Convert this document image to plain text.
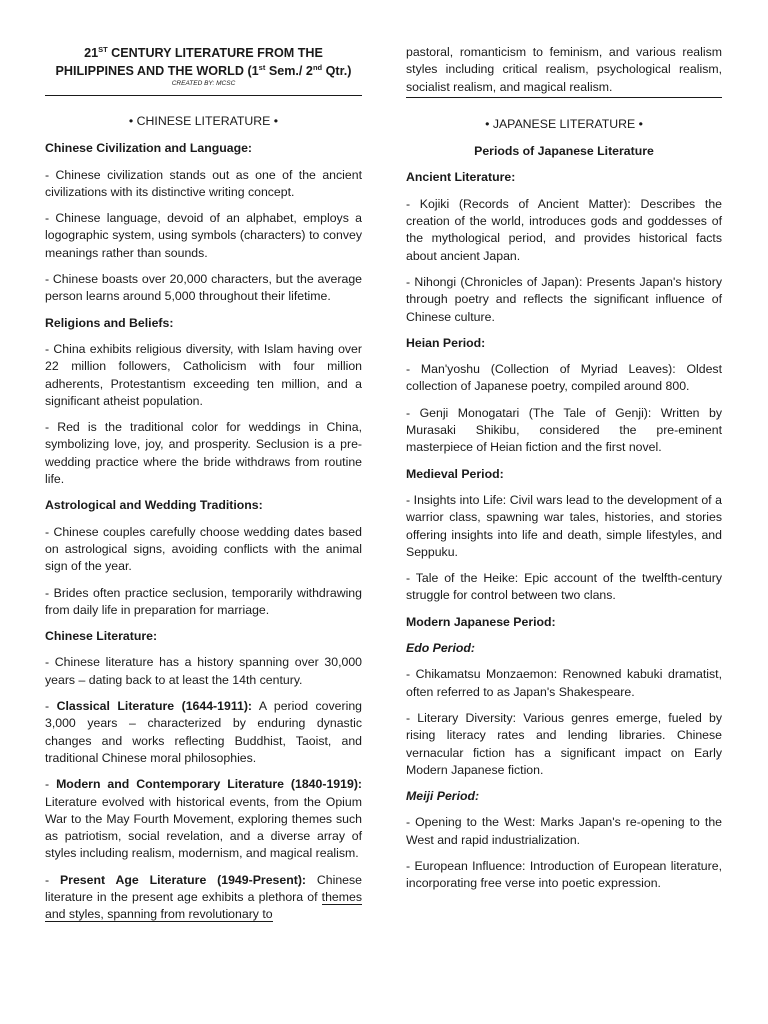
21ST CENTURY LITERATURE FROM THE
PHILIPPINES AND THE WORLD (1st Sem./ 2nd Qtr.)
CREATED BY: MCSC
• CHINESE LITERATURE •
Chinese Civilization and Language:

- Chinese civilization stands out as one of the ancient civilizations with its distinctive writing concept.

- Chinese language, devoid of an alphabet, employs a logographic system, using symbols (characters) to convey meanings rather than sounds.

- Chinese boasts over 20,000 characters, but the average person learns around 5,000 throughout their lifetime.

Religions and Beliefs:

- China exhibits religious diversity, with Islam having over 22 million followers, Catholicism with four million adherents, Protestantism exceeding ten million, and a significant atheist population.

- Red is the traditional color for weddings in China, symbolizing love, joy, and prosperity. Seclusion is a pre-wedding practice where the bride withdraws from routine life.

Astrological and Wedding Traditions:

- Chinese couples carefully choose wedding dates based on astrological signs, avoiding conflicts with the animal sign of the year.

- Brides often practice seclusion, temporarily withdrawing from daily life in preparation for marriage.

Chinese Literature:

- Chinese literature has a history spanning over 30,000 years – dating back to at least the 14th century.

- Classical Literature (1644-1911): A period covering 3,000 years – characterized by enduring dynastic changes and works reflecting Buddhist, Taoist, and traditional Chinese moral philosophies.

- Modern and Contemporary Literature (1840-1919): Literature evolved with historical events, from the Opium War to the May Fourth Movement, exploring themes such as patriotism, social revelation, and a diverse array of styles including realism, modernism, and magical realism.

- Present Age Literature (1949-Present): Chinese literature in the present age exhibits a plethora of themes and styles, spanning from revolutionary to

pastoral, romanticism to feminism, and various realism styles including critical realism, psychological realism, socialist realism, and magical realism.

• JAPANESE LITERATURE •
Periods of Japanese Literature
Ancient Literature:

- Kojiki (Records of Ancient Matter): Describes the creation of the world, introduces gods and goddesses of the mythological period, and provides historical facts about ancient Japan.

- Nihongi (Chronicles of Japan): Presents Japan's history through poetry and reflects the significant influence of Chinese culture.

Heian Period:

- Man'yoshu (Collection of Myriad Leaves): Oldest collection of Japanese poetry, compiled around 800.

- Genji Monogatari (The Tale of Genji): Written by Murasaki Shikibu, considered the pre-eminent masterpiece of Heian fiction and the first novel.

Medieval Period:

- Insights into Life: Civil wars lead to the development of a warrior class, spawning war tales, histories, and stories offering insights into life and death, simple lifestyles, and Seppuku.

- Tale of the Heike: Epic account of the twelfth-century struggle for control between two clans.

Modern Japanese Period:
Edo Period:

- Chikamatsu Monzaemon: Renowned kabuki dramatist, often referred to as Japan's Shakespeare.

- Literary Diversity: Various genres emerge, fueled by rising literacy rates and lending libraries. Chinese vernacular fiction has a significant impact on Early Modern Japanese fiction.

Meiji Period:

- Opening to the West: Marks Japan's re-opening to the West and rapid industrialization.

- European Influence: Introduction of European literature, incorporating free verse into poetic expression.
